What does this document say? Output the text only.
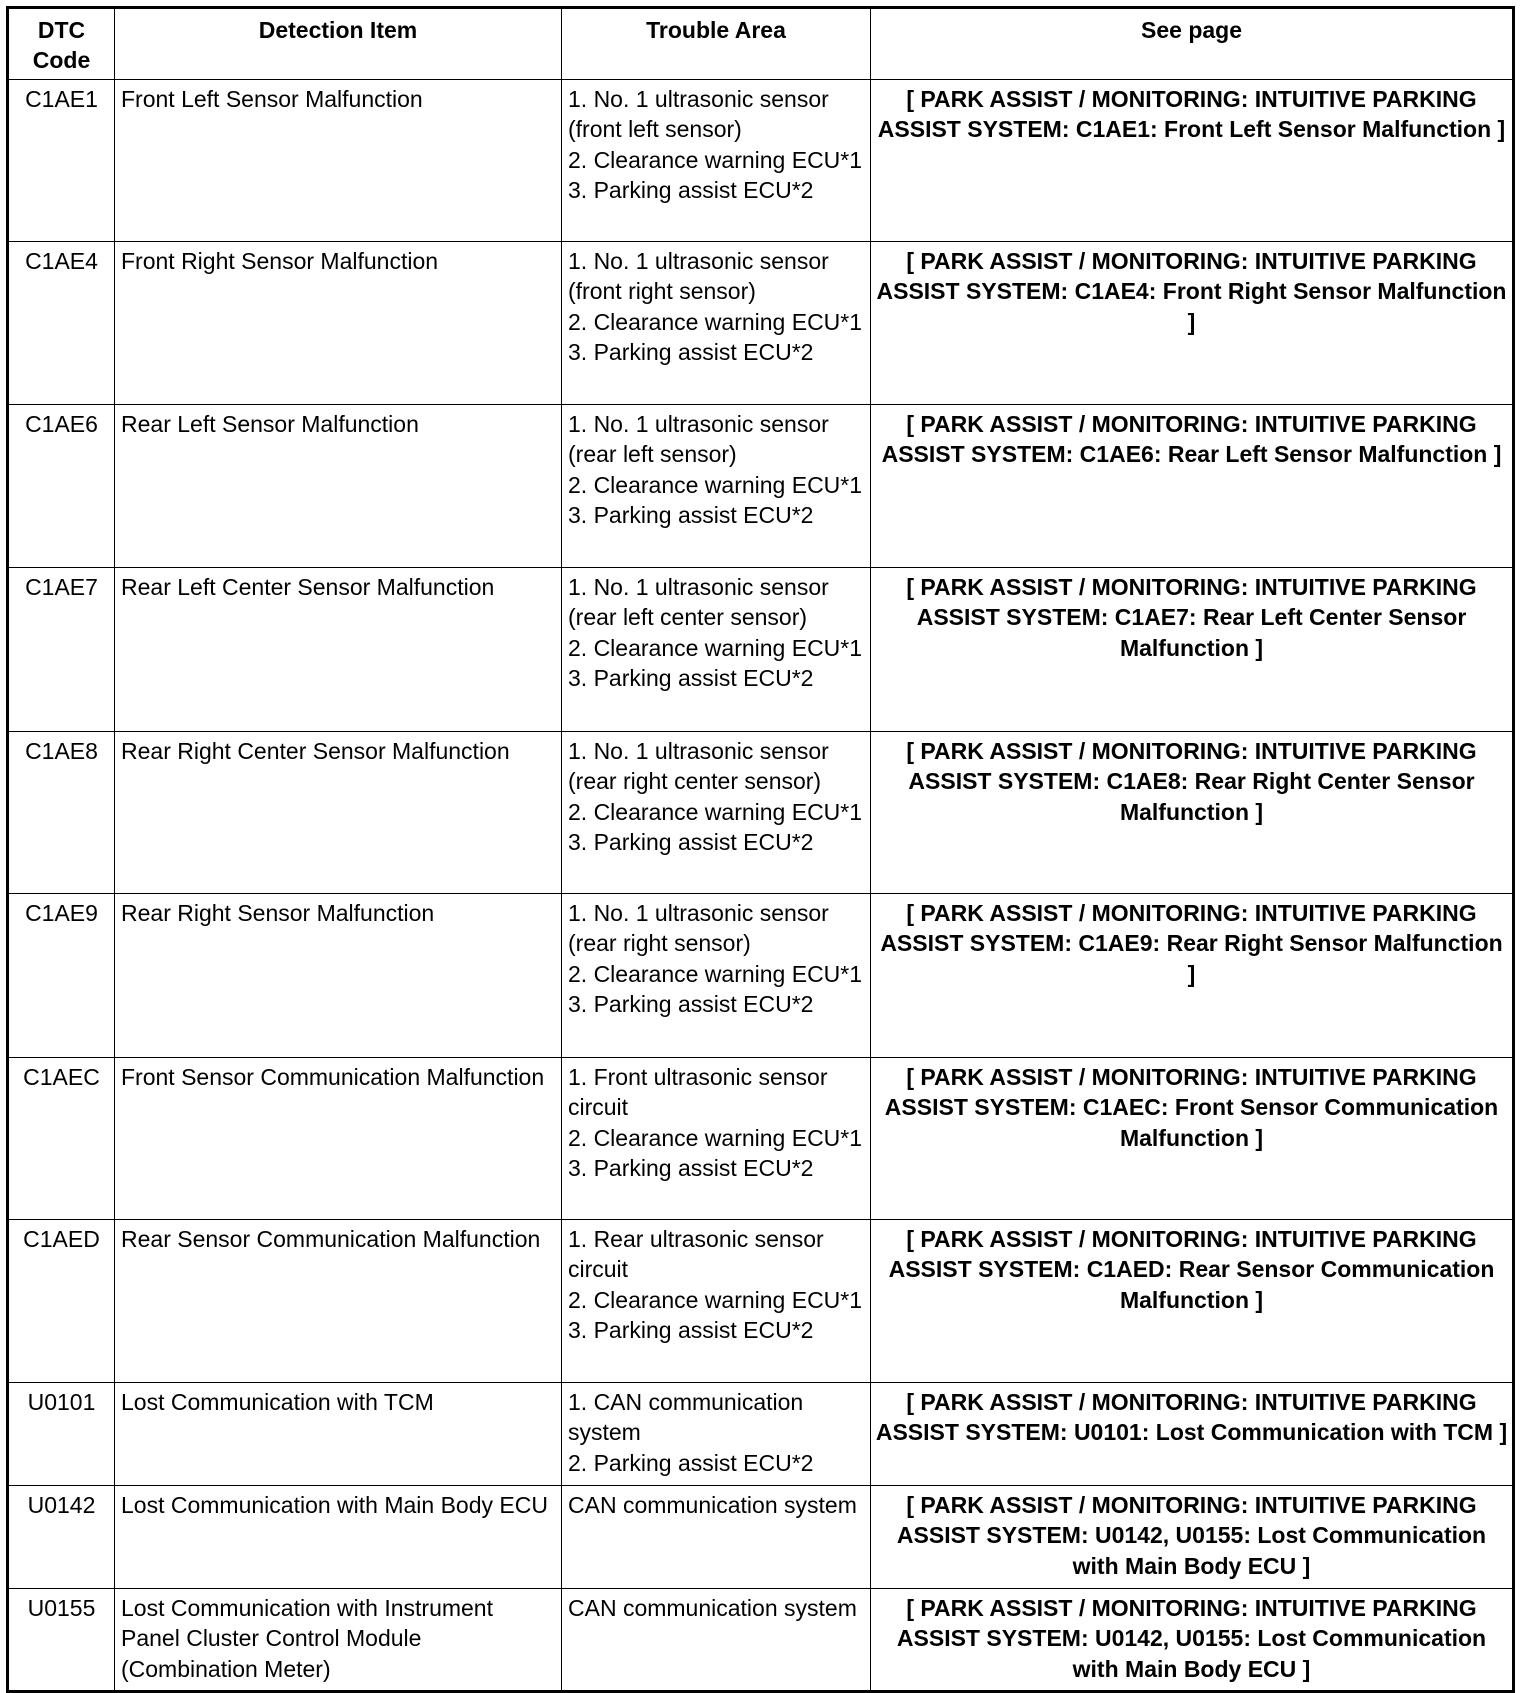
DTC Code	Detection Item	Trouble Area	See page
C1AE1	Front Left Sensor Malfunction	1. No. 1 ultrasonic sensor (front left sensor)
2. Clearance warning ECU*1
3. Parking assist ECU*2	[ PARK ASSIST / MONITORING: INTUITIVE PARKING ASSIST SYSTEM: C1AE1: Front Left Sensor Malfunction ]
C1AE4	Front Right Sensor Malfunction	1. No. 1 ultrasonic sensor (front right sensor)
2. Clearance warning ECU*1
3. Parking assist ECU*2	[ PARK ASSIST / MONITORING: INTUITIVE PARKING ASSIST SYSTEM: C1AE4: Front Right Sensor Malfunction ]
C1AE6	Rear Left Sensor Malfunction	1. No. 1 ultrasonic sensor (rear left sensor)
2. Clearance warning ECU*1
3. Parking assist ECU*2	[ PARK ASSIST / MONITORING: INTUITIVE PARKING ASSIST SYSTEM: C1AE6: Rear Left Sensor Malfunction ]
C1AE7	Rear Left Center Sensor Malfunction	1. No. 1 ultrasonic sensor (rear left center sensor)
2. Clearance warning ECU*1
3. Parking assist ECU*2	[ PARK ASSIST / MONITORING: INTUITIVE PARKING ASSIST SYSTEM: C1AE7: Rear Left Center Sensor Malfunction ]
C1AE8	Rear Right Center Sensor Malfunction	1. No. 1 ultrasonic sensor (rear right center sensor)
2. Clearance warning ECU*1
3. Parking assist ECU*2	[ PARK ASSIST / MONITORING: INTUITIVE PARKING ASSIST SYSTEM: C1AE8: Rear Right Center Sensor Malfunction ]
C1AE9	Rear Right Sensor Malfunction	1. No. 1 ultrasonic sensor (rear right sensor)
2. Clearance warning ECU*1
3. Parking assist ECU*2	[ PARK ASSIST / MONITORING: INTUITIVE PARKING ASSIST SYSTEM: C1AE9: Rear Right Sensor Malfunction ]
C1AEC	Front Sensor Communication Malfunction	1. Front ultrasonic sensor circuit
2. Clearance warning ECU*1
3. Parking assist ECU*2	[ PARK ASSIST / MONITORING: INTUITIVE PARKING ASSIST SYSTEM: C1AEC: Front Sensor Communication Malfunction ]
C1AED	Rear Sensor Communication Malfunction	1. Rear ultrasonic sensor circuit
2. Clearance warning ECU*1
3. Parking assist ECU*2	[ PARK ASSIST / MONITORING: INTUITIVE PARKING ASSIST SYSTEM: C1AED: Rear Sensor Communication Malfunction ]
U0101	Lost Communication with TCM	1. CAN communication system
2. Parking assist ECU*2	[ PARK ASSIST / MONITORING: INTUITIVE PARKING ASSIST SYSTEM: U0101: Lost Communication with TCM ]
U0142	Lost Communication with Main Body ECU	CAN communication system	[ PARK ASSIST / MONITORING: INTUITIVE PARKING ASSIST SYSTEM: U0142, U0155: Lost Communication with Main Body ECU ]
U0155	Lost Communication with Instrument Panel Cluster Control Module (Combination Meter)	CAN communication system	[ PARK ASSIST / MONITORING: INTUITIVE PARKING ASSIST SYSTEM: U0142, U0155: Lost Communication with Main Body ECU ]
